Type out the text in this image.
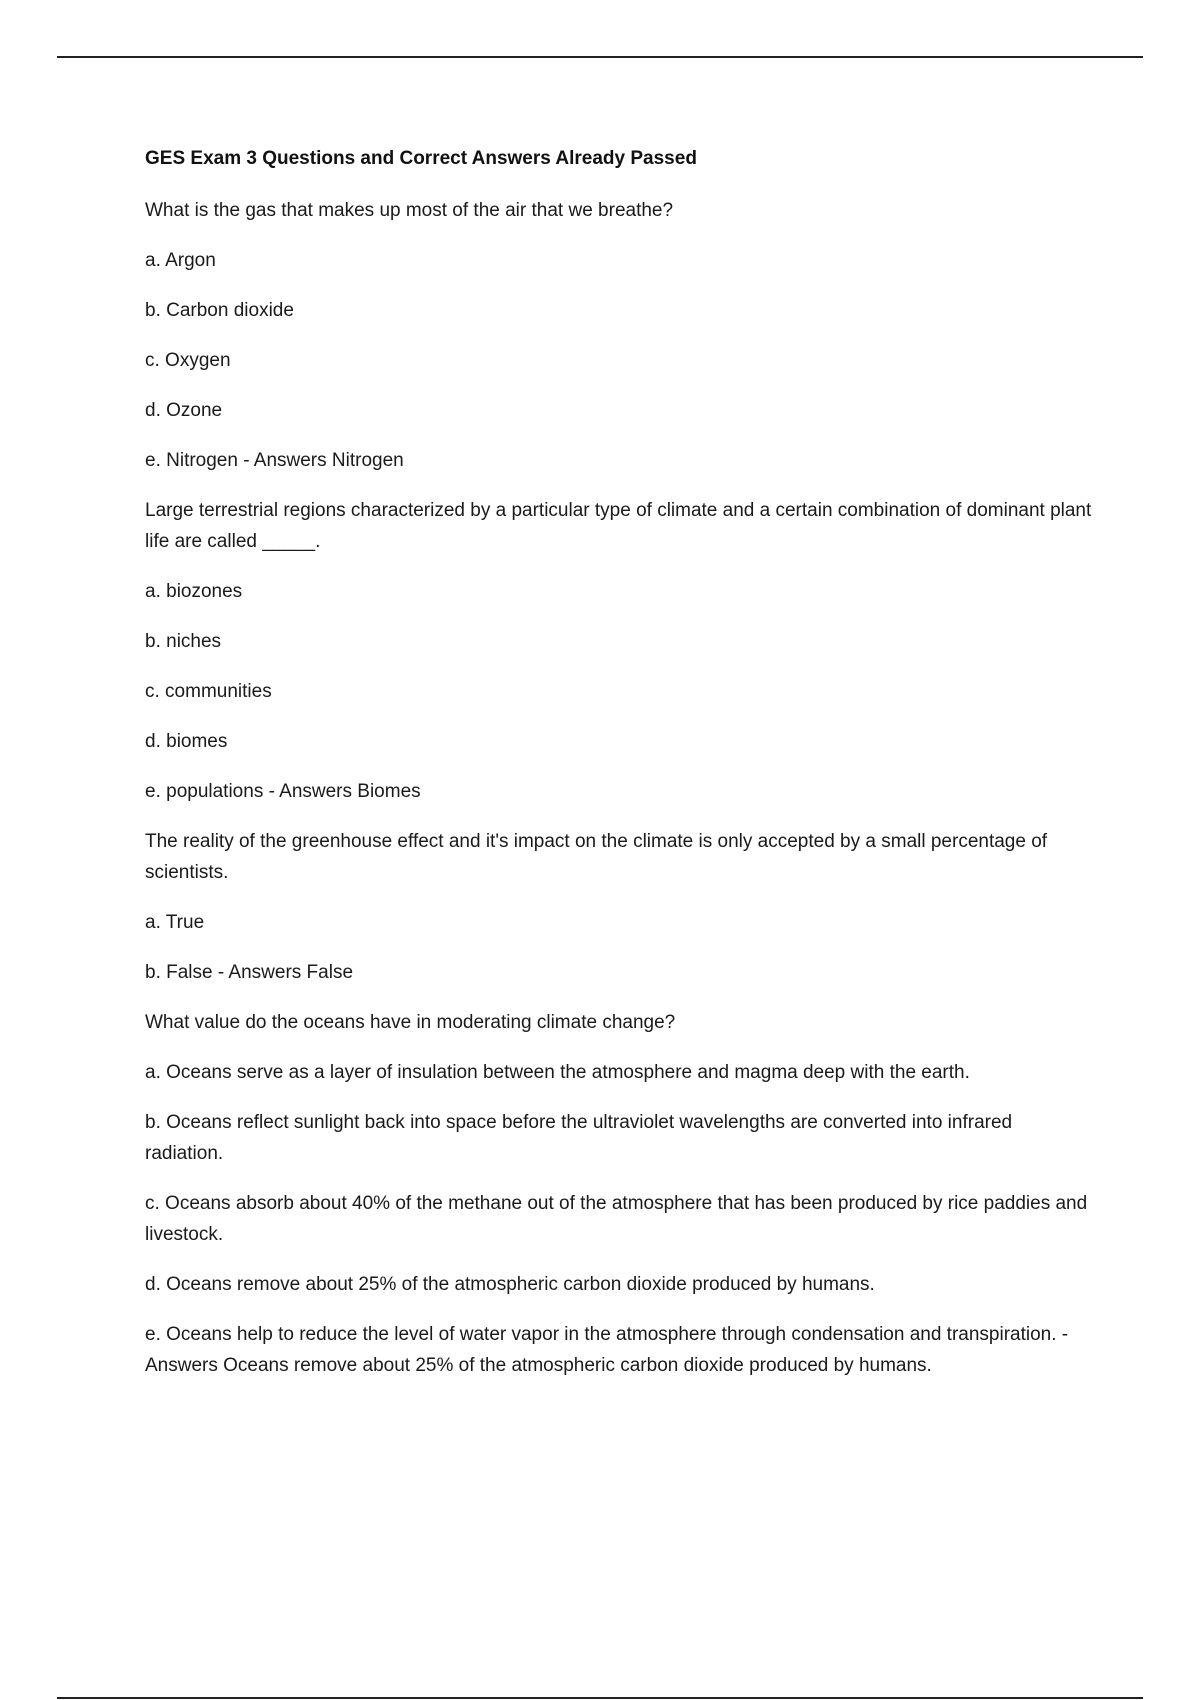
GES Exam 3 Questions and Correct Answers Already Passed

What is the gas that makes up most of the air that we breathe?

a. Argon

b. Carbon dioxide

c. Oxygen

d. Ozone

e. Nitrogen - Answers Nitrogen

Large terrestrial regions characterized by a particular type of climate and a certain combination of dominant plant life are called _____.

a. biozones

b. niches

c. communities

d. biomes

e. populations - Answers Biomes

The reality of the greenhouse effect and it's impact on the climate is only accepted by a small percentage of scientists.

a. True

b. False - Answers False

What value do the oceans have in moderating climate change?

a. Oceans serve as a layer of insulation between the atmosphere and magma deep with the earth.

b. Oceans reflect sunlight back into space before the ultraviolet wavelengths are converted into infrared radiation.

c. Oceans absorb about 40% of the methane out of the atmosphere that has been produced by rice paddies and livestock.

d. Oceans remove about 25% of the atmospheric carbon dioxide produced by humans.

e. Oceans help to reduce the level of water vapor in the atmosphere through condensation and transpiration. - Answers Oceans remove about 25% of the atmospheric carbon dioxide produced by humans.
